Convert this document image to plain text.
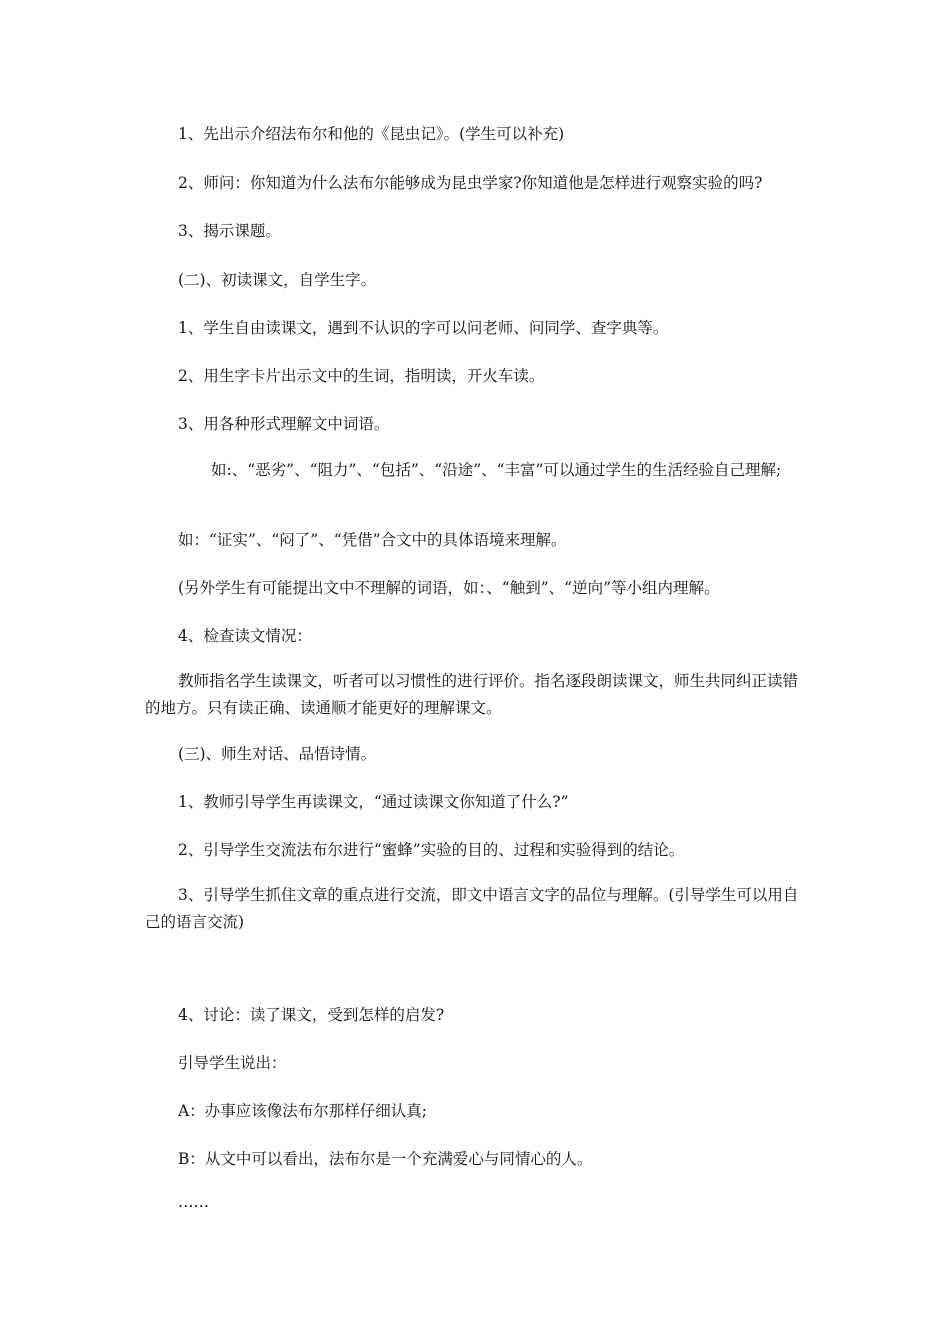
1、先出示介绍法布尔和他的《昆虫记》。(学生可以补充)

2、师问：你知道为什么法布尔能够成为昆虫学家?你知道他是怎样进行观察实验的吗?

3、揭示课题。

(二)、初读课文，自学生字。

1、学生自由读课文，遇到不认识的字可以问老师、问同学、查字典等。

2、用生字卡片出示文中的生词，指明读，开火车读。

3、用各种形式理解文中词语。

如:、“恶劣”、“阻力”、“包括”、“沿途”、“丰富”可以通过学生的生活经验自己理解;

如：“证实”、“闷了”、“凭借”合文中的具体语境来理解。

(另外学生有可能提出文中不理解的词语，如：、“触到”、“逆向”等小组内理解。

4、检查读文情况：

教师指名学生读课文，听者可以习惯性的进行评价。指名逐段朗读课文，师生共同纠正读错的地方。只有读正确、读通顺才能更好的理解课文。

(三)、师生对话、品悟诗情。

1、教师引导学生再读课文，“通过读课文你知道了什么?”

2、引导学生交流法布尔进行“蜜蜂”实验的目的、过程和实验得到的结论。

3、引导学生抓住文章的重点进行交流，即文中语言文字的品位与理解。(引导学生可以用自己的语言交流)

4、讨论：读了课文，受到怎样的启发?

引导学生说出：

A：办事应该像法布尔那样仔细认真;

B：从文中可以看出，法布尔是一个充满爱心与同情心的人。

……
